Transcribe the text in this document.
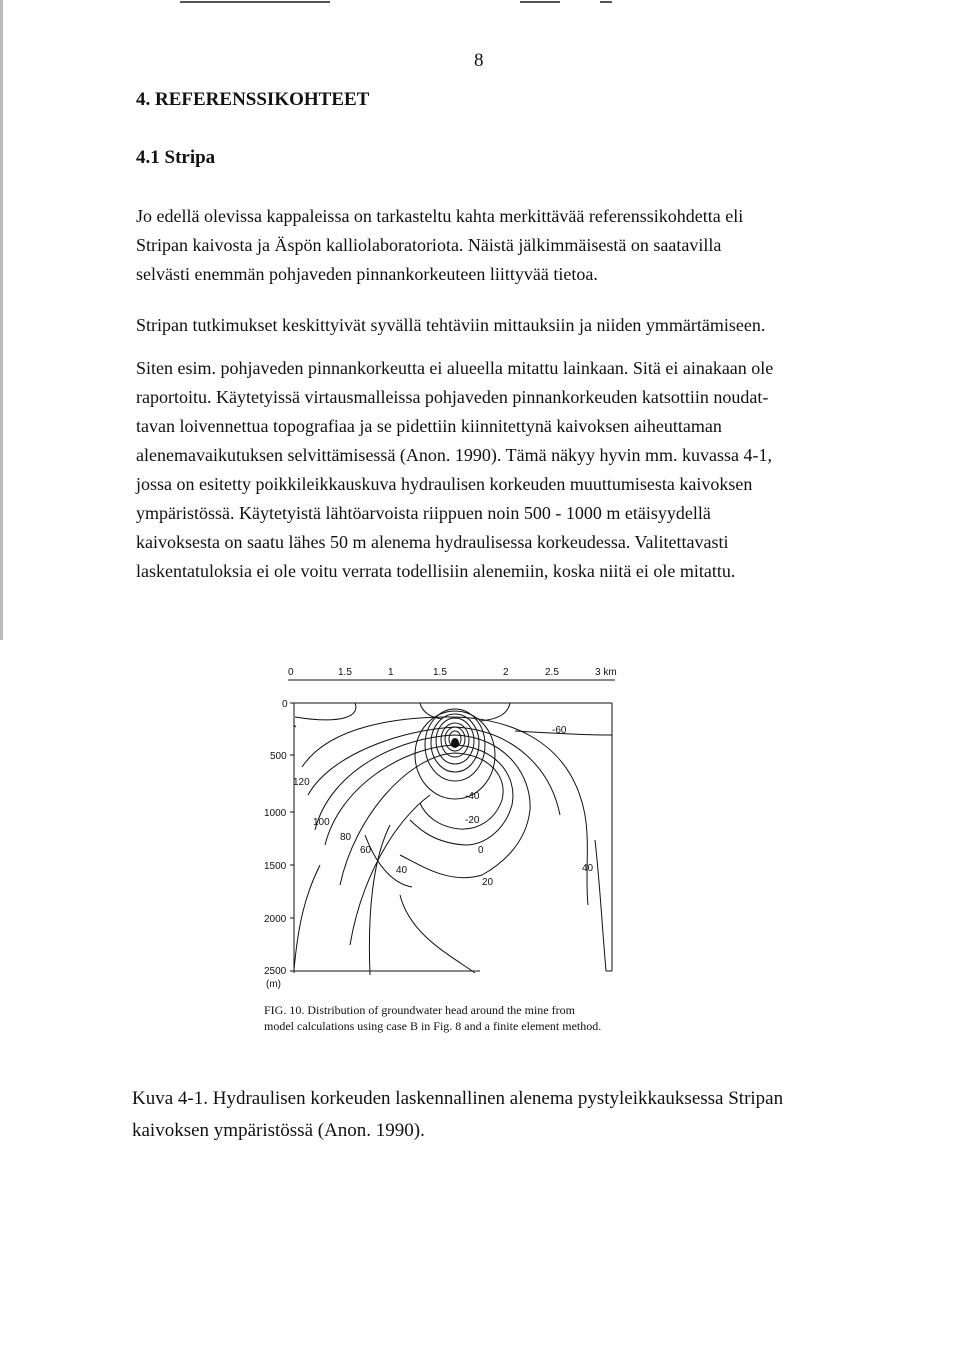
8
4. REFERENSSIKOHTEET
4.1 Stripa
Jo edellä olevissa kappaleissa on tarkasteltu kahta merkittävää referenssikohdetta eli
Stripan kaivosta ja Äspön kalliolaboratoriota. Näistä jälkimmäisestä on saatavilla
selvästi enemmän pohjaveden pinnankorkeuteen liittyvää tietoa.
Stripan tutkimukset keskittyivät syvällä tehtäviin mittauksiin ja niiden ymmärtämiseen.
Siten esim. pohjaveden pinnankorkeutta ei alueella mitattu lainkaan. Sitä ei ainakaan ole
raportoitu. Käytetyissä virtausmalleissa pohjaveden pinnankorkeuden katsottiin noudat-
tavan loivennettua topografiaa ja se pidettiin kiinnitettynä kaivoksen aiheuttaman
alenemavaikutuksen selvittämisessä (Anon. 1990). Tämä näkyy hyvin mm. kuvassa 4-1,
jossa on esitetty poikkileikkauskuva hydraulisen korkeuden muuttumisesta kaivoksen
ympäristössä. Käytetyistä lähtöarvoista riippuen noin 500 - 1000 m etäisyydellä
kaivoksesta on saatu lähes 50 m alenema hydraulisessa korkeudessa. Valitettavasti
laskentatuloksia ei ole voitu verrata todellisiin alenemiin, koska niitä ei ole mitattu.
0	1.5	1	1.5	2	2.5	3 km
0
500
1000
1500
2000
2500
(m)
-60
120
-40
100	-20
80
0
60
40
20
40
FIG. 10. Distribution of groundwater head around the mine from
model calculations using case B in Fig. 8 and a finite element method.
Kuva 4-1. Hydraulisen korkeuden laskennallinen alenema pystyleikkauksessa Stripan
kaivoksen ympäristössä (Anon. 1990).
